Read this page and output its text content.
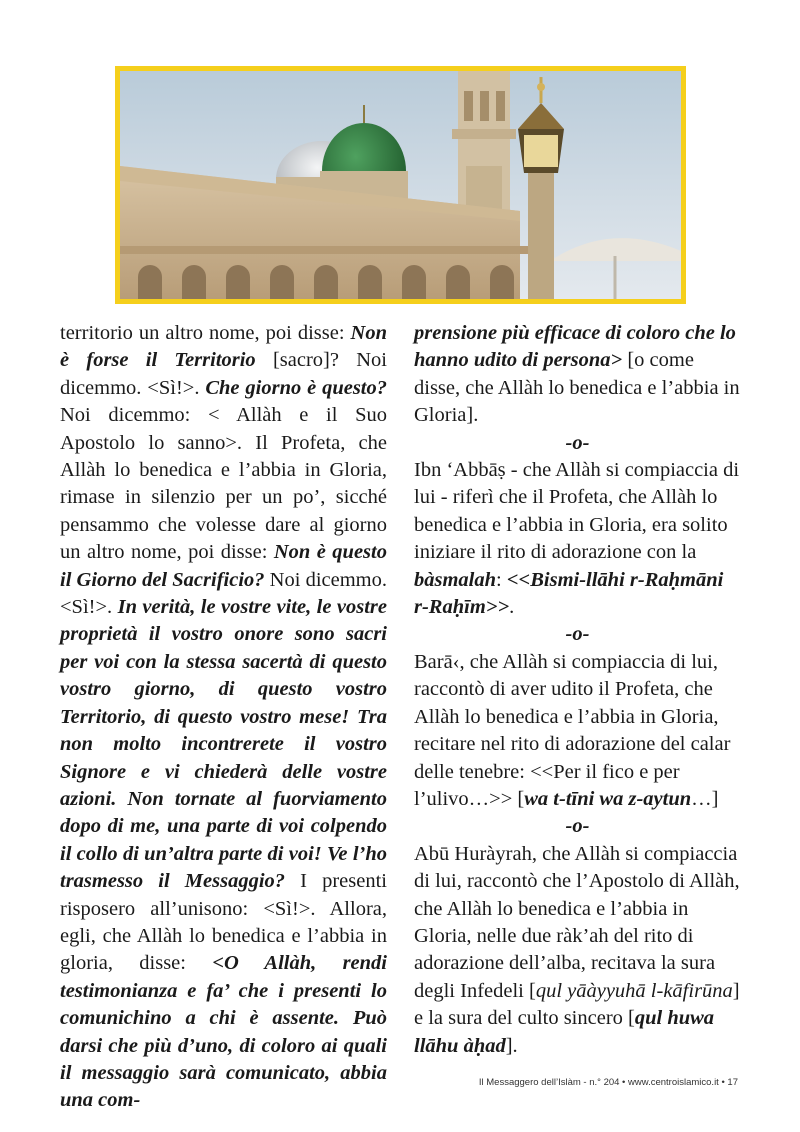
territorio un altro nome, poi disse: Non è forse il Territorio [sacro]? Noi dicemmo. <Sì!>. Che giorno è questo? Noi dicemmo: < Allàh e il Suo Apostolo lo sanno>. Il Profeta, che Allàh lo benedica e l’abbia in Gloria, rimase in silenzio per un po’, sicché pensammo che volesse dare al giorno un altro nome, poi disse: Non è questo il Giorno del Sacrificio? Noi dicemmo. <Sì!>. In verità, le vostre vite, le vostre proprietà il vostro onore sono sacri per voi con la stessa sacertà di questo vostro giorno, di questo vostro Territorio, di questo vostro mese! Tra non molto incontrerete il vostro Signore e vi chiederà delle vostre azioni. Non tornate al fuorviamento dopo di me, una parte di voi colpendo il collo di un’altra parte di voi! Ve l’ho trasmesso il Messaggio? I presenti risposero all’unisono: <Sì!>. Allora, egli, che Allàh lo benedica e l’abbia in gloria, disse: <O Allàh, rendi testimonianza e fa’ che i presenti lo comunichino a chi è assente. Può darsi che più d’uno, di coloro ai quali il messaggio sarà comunicato, abbia una com-

prensione più efficace di coloro che lo hanno udito di persona> [o come disse, che Allàh lo benedica e l’abbia in Gloria].

-o-

Ibn ‘Abbāṣ - che Allàh si compiaccia di lui - riferì che il Profeta, che Allàh lo benedica e l’abbia in Gloria, era solito iniziare il rito di adorazione con la bàsmalah: <<Bismi-llāhi r-Raḥmāni r-Raḥīm>>.

-o-

Barā‹, che Allàh si compiaccia di lui, raccontò di aver udito il Profeta, che Allàh lo benedica e l’abbia in Gloria, recitare nel rito di adorazione del calar delle tenebre: <<Per il fico e per l’ulivo…>> [wa t-tīni wa z-aytun…]

-o-

Abū Huràyrah, che Allàh si compiaccia di lui, raccontò che l’Apostolo di Allàh, che Allàh lo benedica e l’abbia in Gloria, nelle due ràk’ah del rito di adorazione dell’alba, recitava la sura degli Infedeli [qul yāàyyuhā l-kāfirūna] e la sura del culto sincero [qul huwa llāhu àḥad].

Il Messaggero dell’Islàm - n.° 204 • www.centroislamico.it • 17
